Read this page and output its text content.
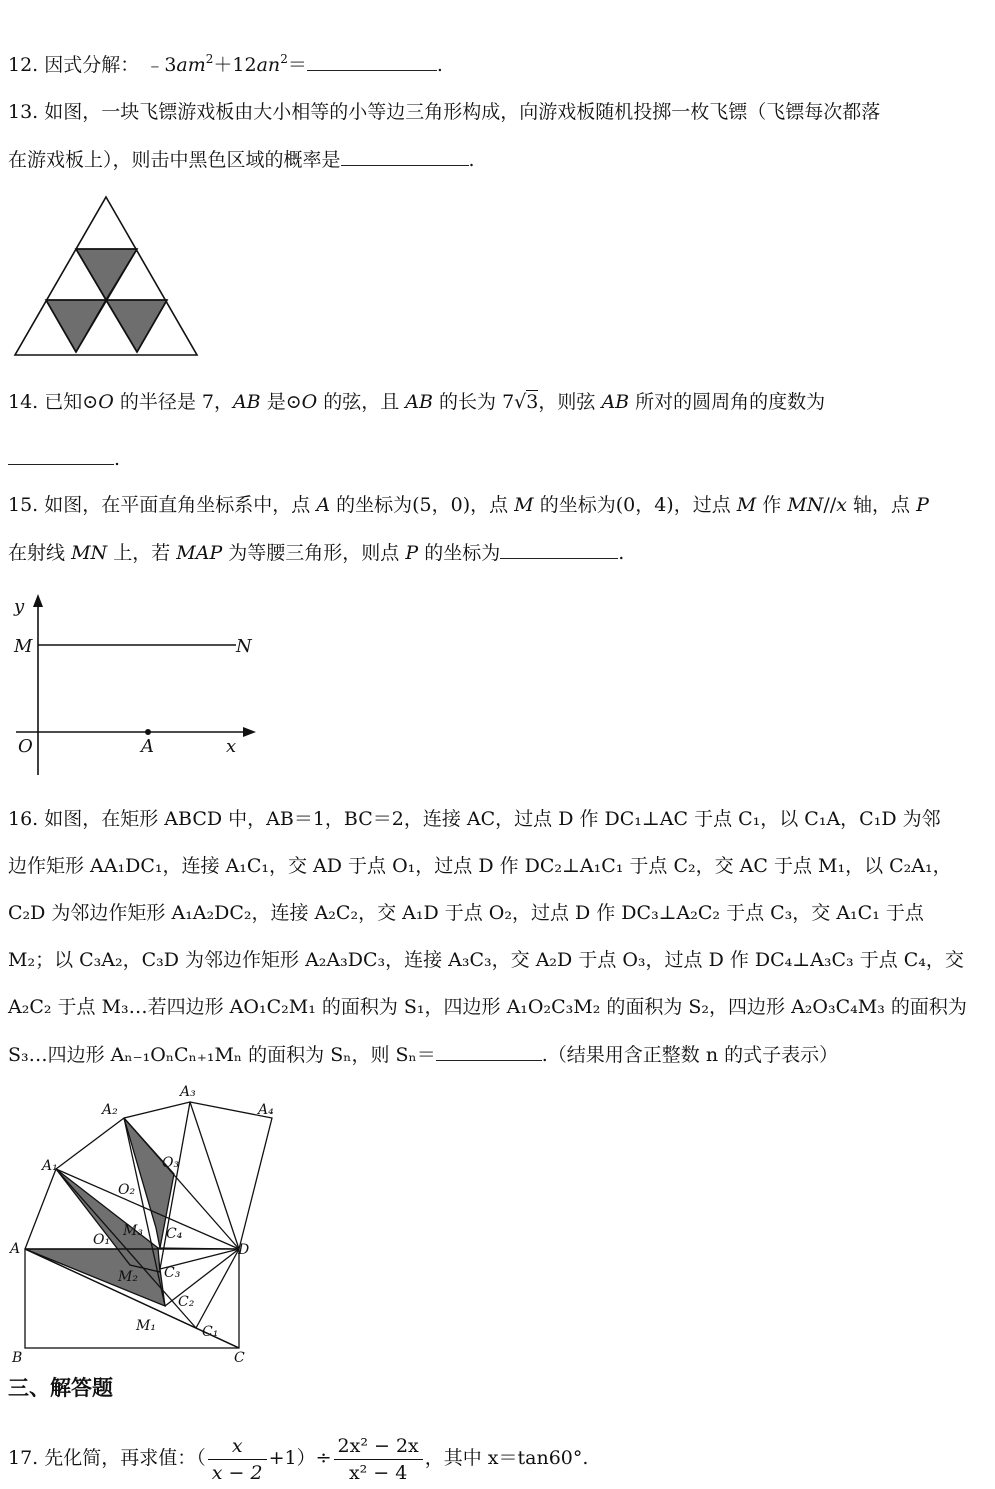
12. 因式分解： $﹣3am^2+12an^2=$	.
13. 如图，一块飞镖游戏板由大小相等的小等边三角形构成，向游戏板随机投掷一枚飞镖（飞镖每次都落
在游戏板上），则击中黑色区域的概率是	.
14. 已知⊙O 的半径是 7，AB 是⊙O 的弦，且 AB 的长为 7√3，则弦 AB 所对的圆周角的度数为
.
15. 如图，在平面直角坐标系中，点 A 的坐标为(5，0)，点 M 的坐标为(0，4)，过点 M 作 MN//x 轴，点 P
在射线 MN 上，若 MAP 为等腰三角形，则点 P 的坐标为	.
y
M	N
O	A	x
16. 如图，在矩形 ABCD 中，AB＝1，BC＝2，连接 AC，过点 D 作 DC₁⊥AC 于点 C₁，以 C₁A，C₁D 为邻
边作矩形 AA₁DC₁，连接 A₁C₁，交 AD 于点 O₁，过点 D 作 DC₂⊥A₁C₁ 于点 C₂，交 AC 于点 M₁，以 C₂A₁，
C₂D 为邻边作矩形 A₁A₂DC₂，连接 A₂C₂，交 A₁D 于点 O₂，过点 D 作 DC₃⊥A₂C₂ 于点 C₃，交 A₁C₁ 于点
M₂；以 C₃A₂，C₃D 为邻边作矩形 A₂A₃DC₃，连接 A₃C₃，交 A₂D 于点 O₃，过点 D 作 DC₄⊥A₃C₃ 于点 C₄，交
A₂C₂ 于点 M₃…若四边形 AO₁C₂M₁ 的面积为 S₁，四边形 A₁O₂C₃M₂ 的面积为 S₂，四边形 A₂O₃C₄M₃ 的面积为
S₃…四边形 Aₙ₋₁OₙCₙ₊₁Mₙ 的面积为 Sₙ，则 Sₙ＝	.（结果用含正整数 n 的式子表示）
A
B	C
D
A₁
A₂
A₃
A₄
O₁
O₂
O₃
M₁
M₂
M₃
C₁
C₂
C₃
C₄
三、解答题
17. 先化简，再求值：（ $\frac{x}{x - 2} +1)\div \frac{\text{2x² − 2x}}{\text{x² − 4}}$ ，其中 x＝tan60°.
